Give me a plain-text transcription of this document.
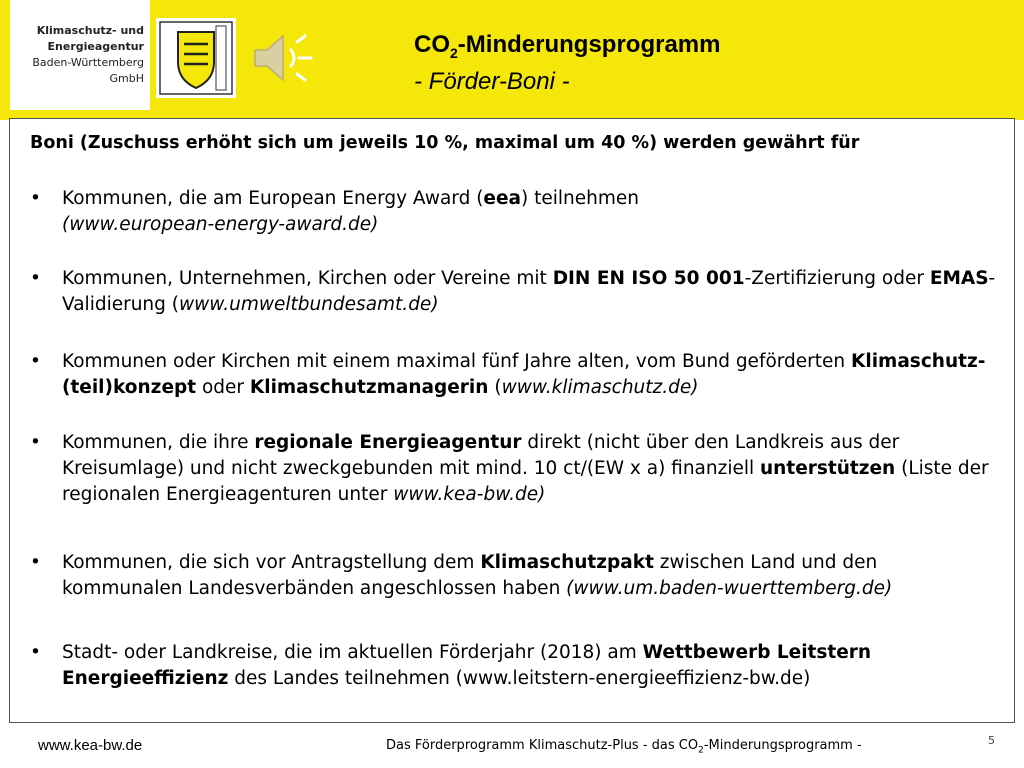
Klimaschutz- und
Energieagentur
Baden-Württemberg
GmbH
$CO_2$-Minderungsprogramm
- Förder-Boni -
Boni (Zuschuss erhöht sich um jeweils 10 %, maximal um 40 %) werden gewährt für
• Kommunen, die am European Energy Award (eea) teilnehmen
(www.european-energy-award.de)
• Kommunen, Unternehmen, Kirchen oder Vereine mit DIN EN ISO 50 001-Zertifizierung oder EMAS-Validierung (www.umweltbundesamt.de)
• Kommunen oder Kirchen mit einem maximal fünf Jahre alten, vom Bund geförderten Klimaschutz-(teil)konzept oder Klimaschutzmanagerin (www.klimaschutz.de)
• Kommunen, die ihre regionale Energieagentur direkt (nicht über den Landkreis aus der Kreisumlage) und nicht zweckgebunden mit mind. 10 ct/(EW x a) finanziell unterstützen (Liste der regionalen Energieagenturen unter www.kea-bw.de)
• Kommunen, die sich vor Antragstellung dem Klimaschutzpakt zwischen Land und den kommunalen Landesverbänden angeschlossen haben (www.um.baden-wuerttemberg.de)
• Stadt- oder Landkreise, die im aktuellen Förderjahr (2018) am Wettbewerb Leitstern Energieeffizienz des Landes teilnehmen (www.leitstern-energieeffizienz-bw.de)
www.kea-bw.de	Das Förderprogramm Klimaschutz-Plus - das $CO_2$-Minderungsprogramm -	5
